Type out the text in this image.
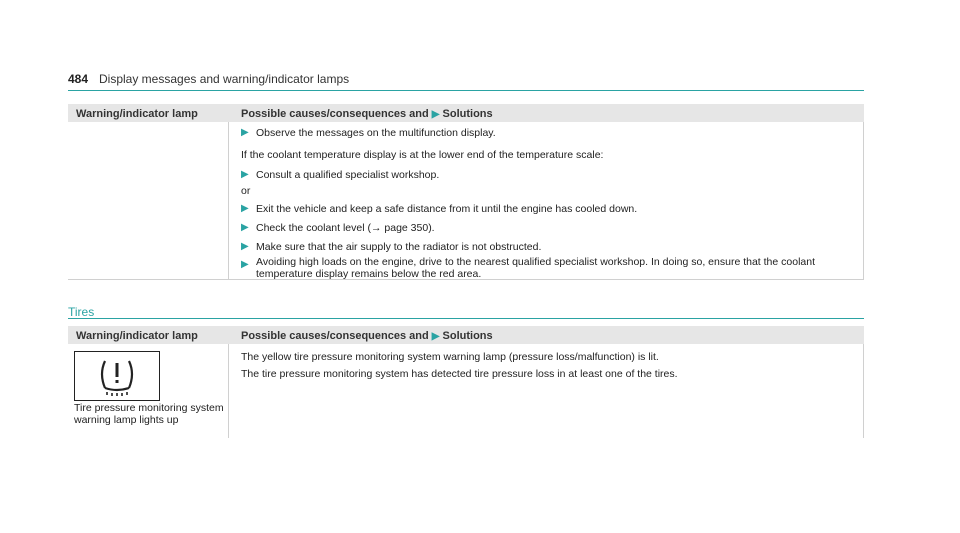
484 Display messages and warning/indicator lamps
Warning/indicator lamp	Possible causes/consequences and ▶ Solutions
▶ Observe the messages on the multifunction display.
If the coolant temperature display is at the lower end of the temperature scale:
▶ Consult a qualified specialist workshop.
or
▶ Exit the vehicle and keep a safe distance from it until the engine has cooled down.
▶ Check the coolant level (→ page 350).
▶ Make sure that the air supply to the radiator is not obstructed.
▶ Avoiding high loads on the engine, drive to the nearest qualified specialist workshop. In doing so, ensure that the coolant temperature display remains below the red area.
Tires
Warning/indicator lamp	Possible causes/consequences and ▶ Solutions
Tire pressure monitoring system warning lamp lights up
The yellow tire pressure monitoring system warning lamp (pressure loss/malfunction) is lit.
The tire pressure monitoring system has detected tire pressure loss in at least one of the tires.
